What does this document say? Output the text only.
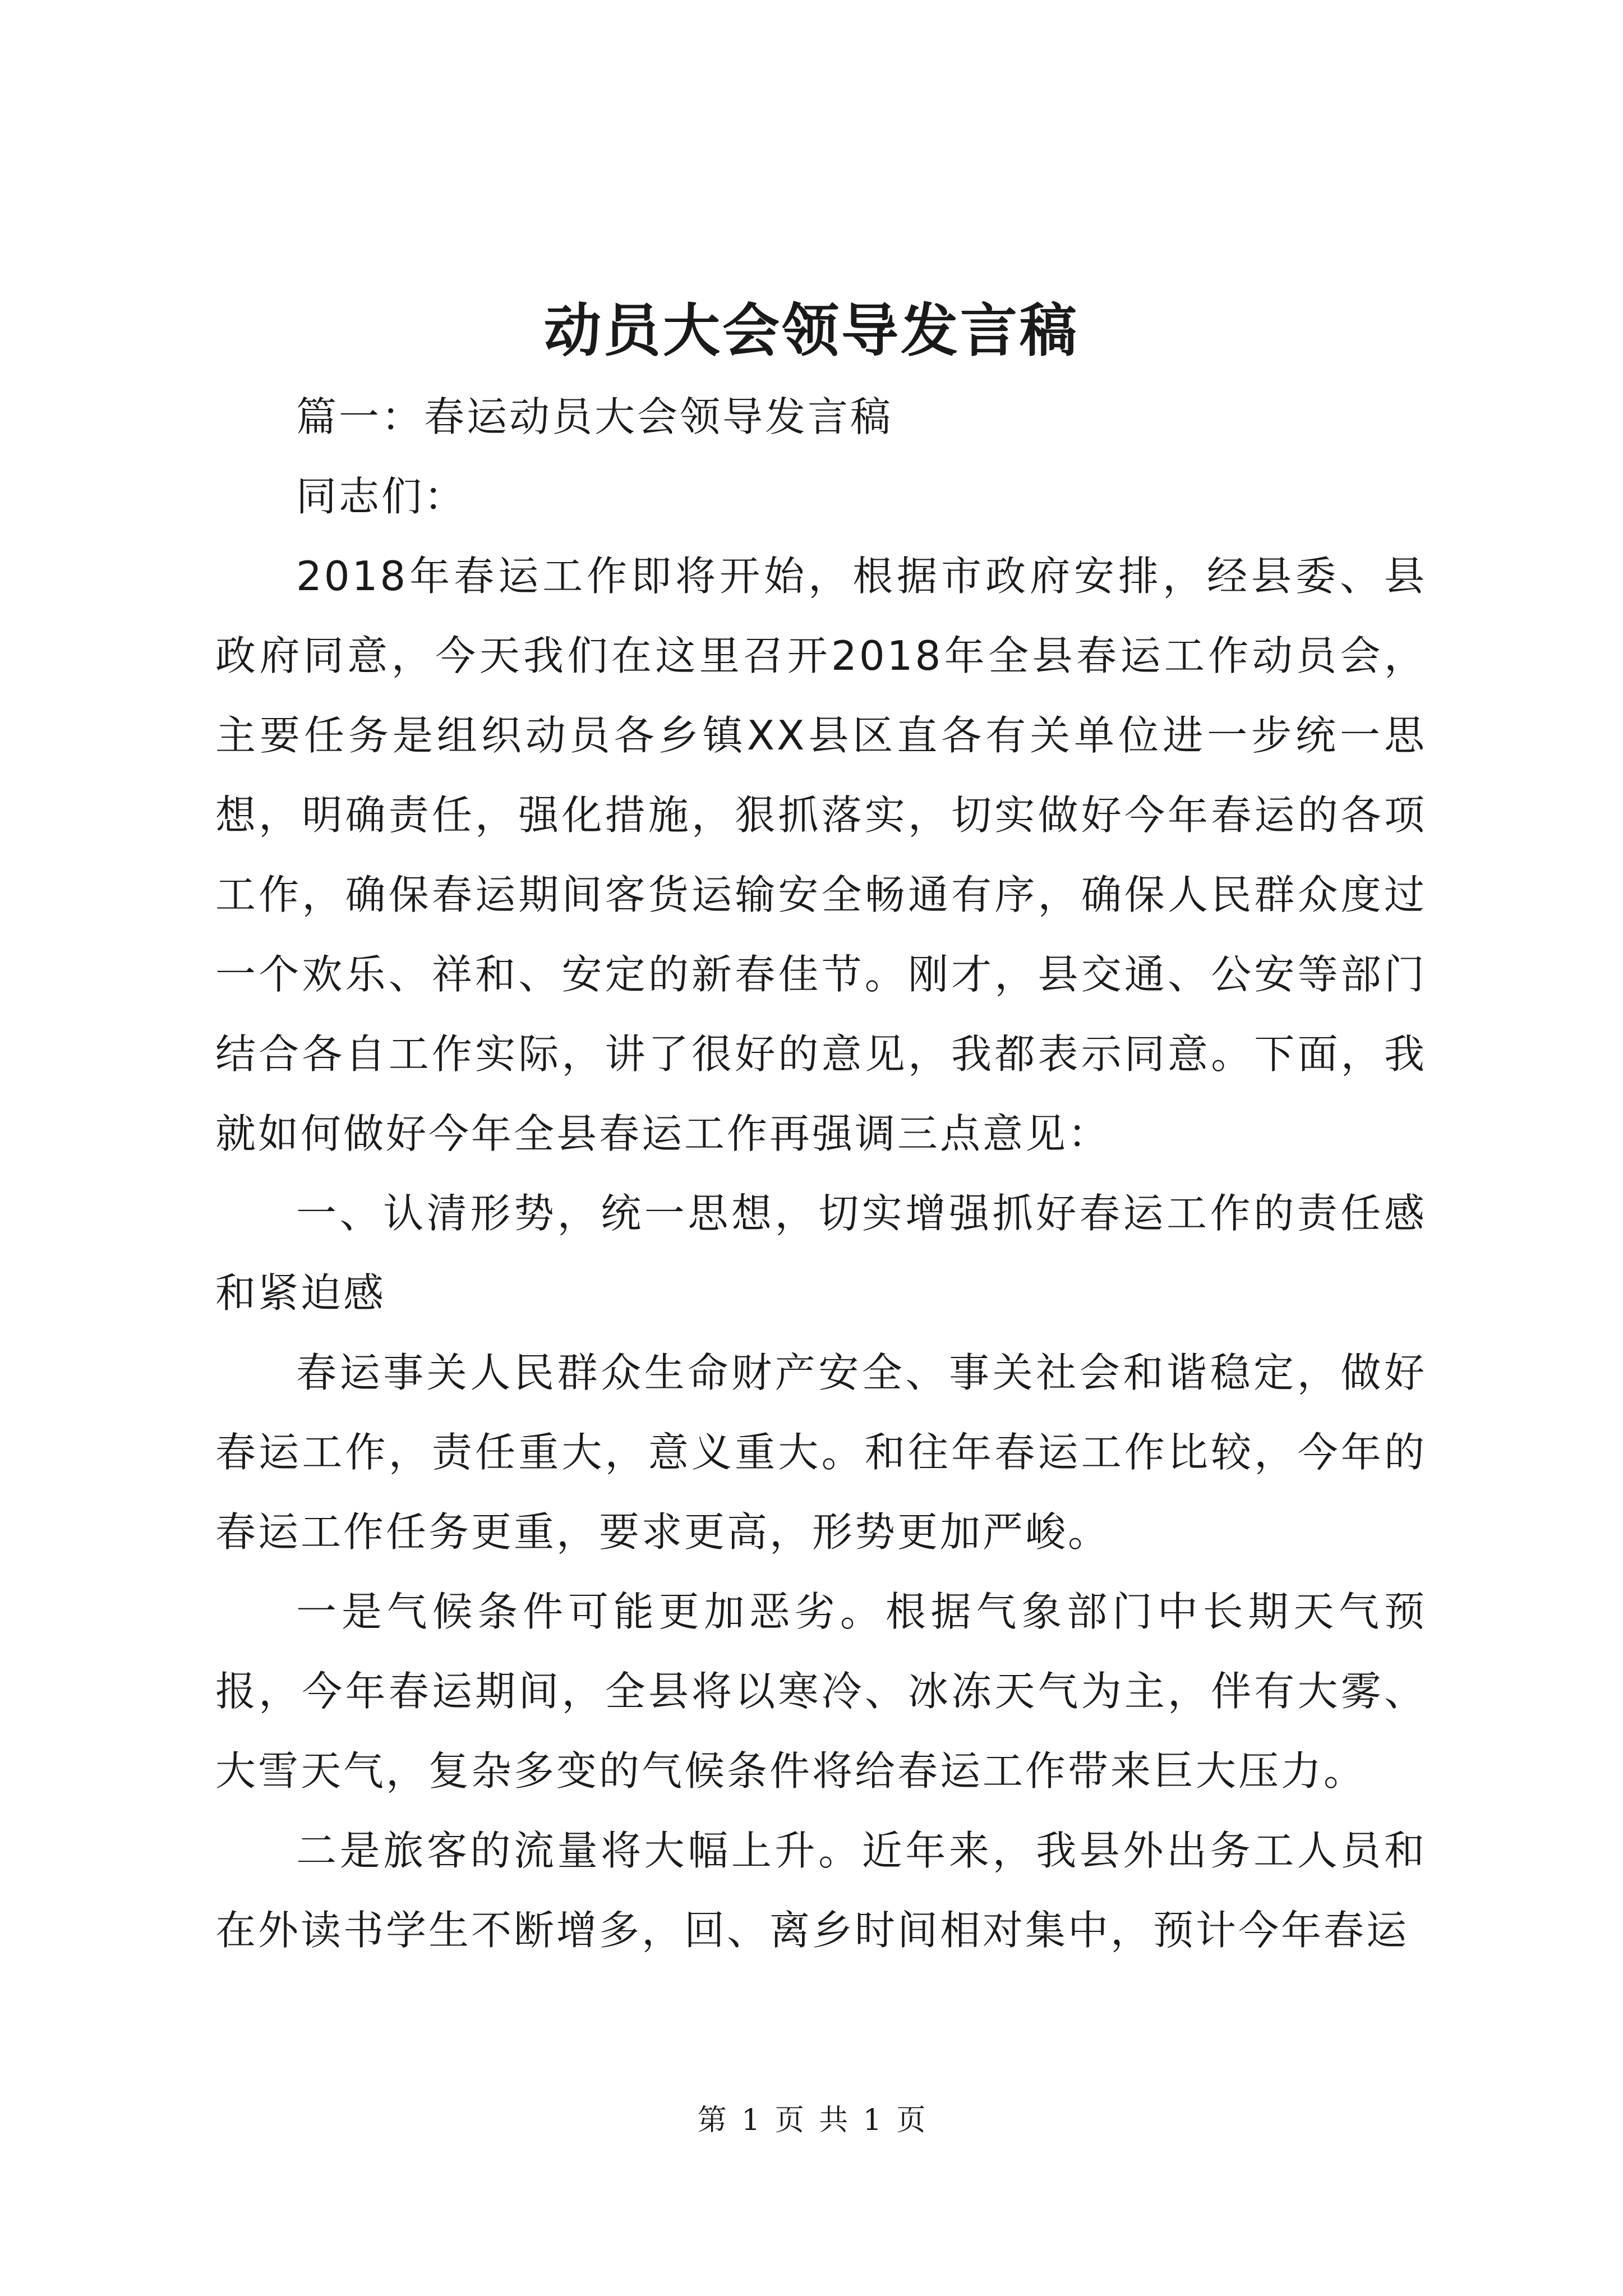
动员大会领导发言稿

篇一：春运动员大会领导发言稿

同志们：

2018年春运工作即将开始，根据市政府安排，经县委、县政府同意，今天我们在这里召开2018年全县春运工作动员会，主要任务是组织动员各乡镇XX县区直各有关单位进一步统一思想，明确责任，强化措施，狠抓落实，切实做好今年春运的各项工作，确保春运期间客货运输安全畅通有序，确保人民群众度过一个欢乐、祥和、安定的新春佳节。刚才，县交通、公安等部门结合各自工作实际，讲了很好的意见，我都表示同意。下面，我就如何做好今年全县春运工作再强调三点意见：

一、认清形势，统一思想，切实增强抓好春运工作的责任感和紧迫感

春运事关人民群众生命财产安全、事关社会和谐稳定，做好春运工作，责任重大，意义重大。和往年春运工作比较，今年的春运工作任务更重，要求更高，形势更加严峻。

一是气候条件可能更加恶劣。根据气象部门中长期天气预报，今年春运期间，全县将以寒冷、冰冻天气为主，伴有大雾、大雪天气，复杂多变的气候条件将给春运工作带来巨大压力。

二是旅客的流量将大幅上升。近年来，我县外出务工人员和在外读书学生不断增多，回、离乡时间相对集中，预计今年春运

第 1 页 共 1 页
